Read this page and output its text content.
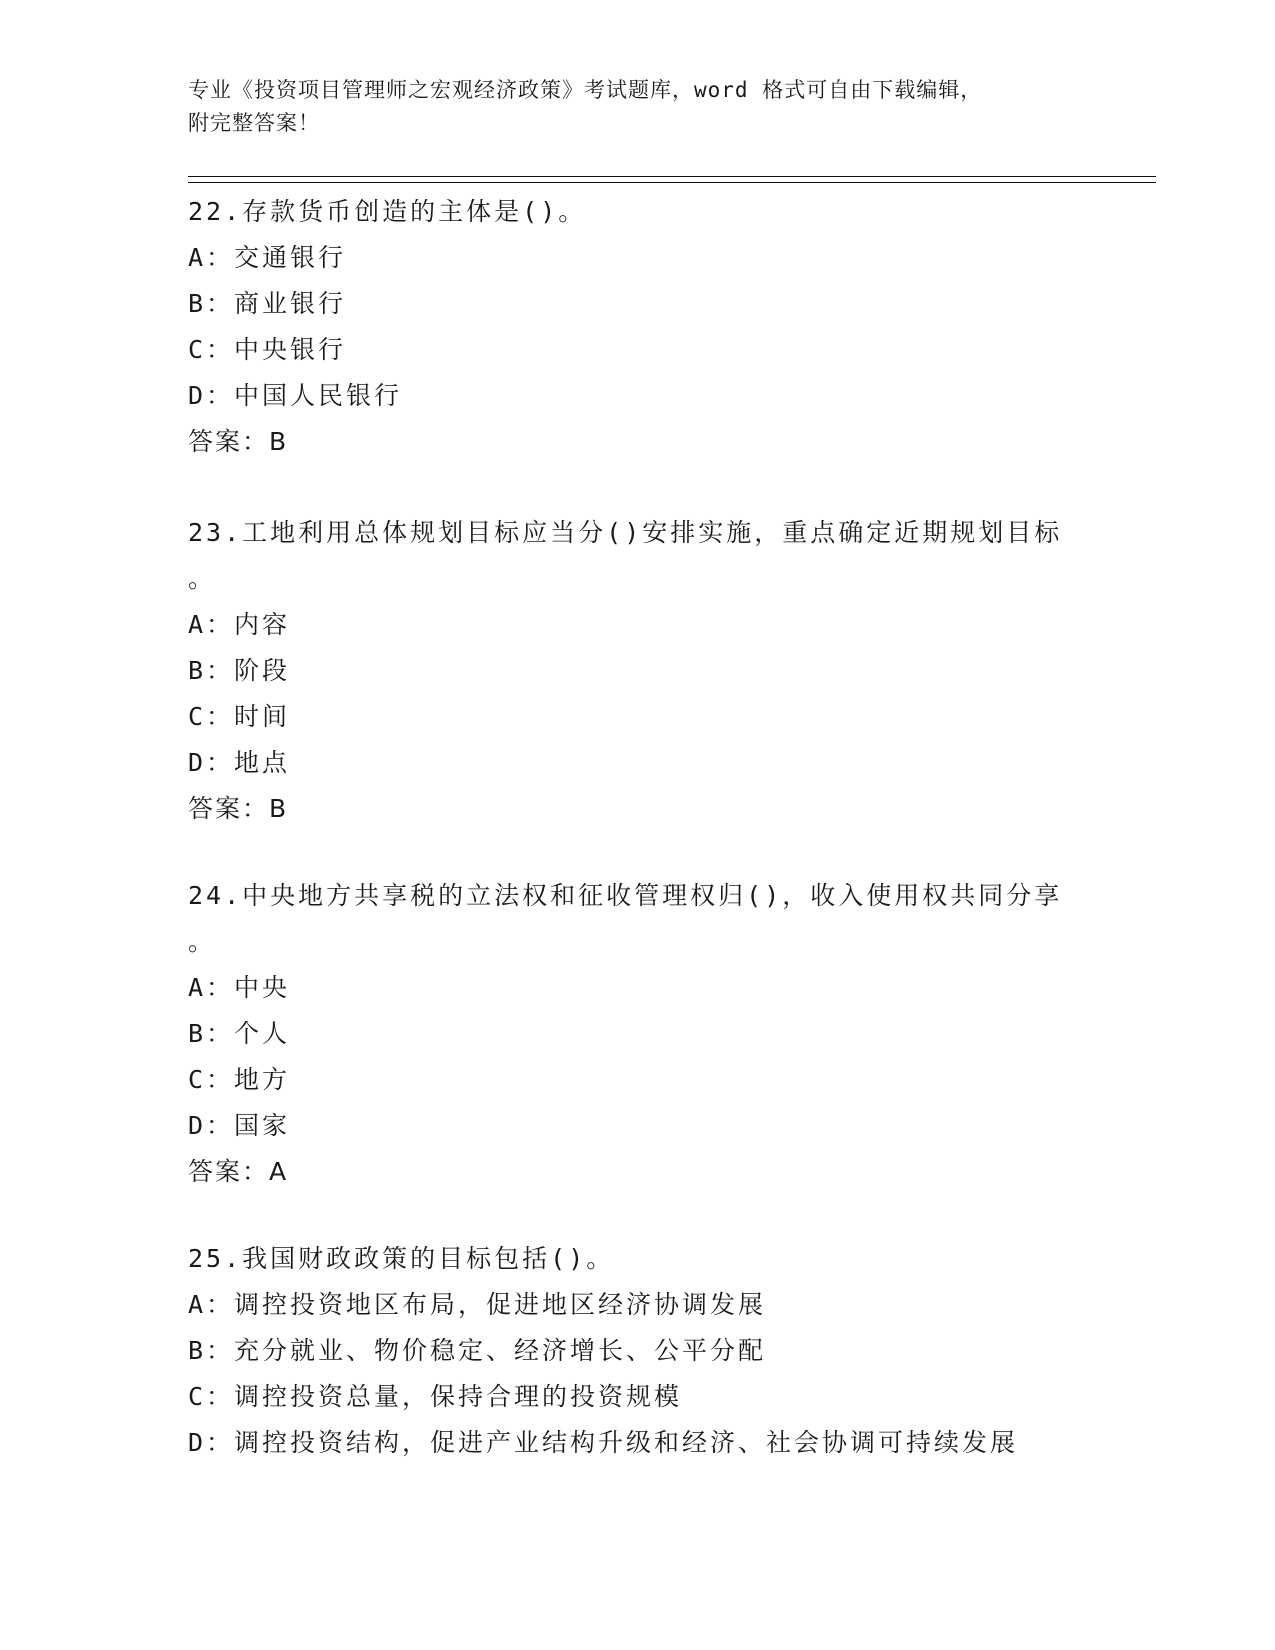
专业《投资项目管理师之宏观经济政策》考试题库，word 格式可自由下载编辑，
附完整答案！
22.存款货币创造的主体是()。
A：交通银行
B：商业银行
C：中央银行
D：中国人民银行
答案：B
23.工地利用总体规划目标应当分()安排实施，重点确定近期规划目标
。
A：内容
B：阶段
C：时间
D：地点
答案：B
24.中央地方共享税的立法权和征收管理权归()，收入使用权共同分享
。
A：中央
B：个人
C：地方
D：国家
答案：A
25.我国财政政策的目标包括()。
A：调控投资地区布局，促进地区经济协调发展
B：充分就业、物价稳定、经济增长、公平分配
C：调控投资总量，保持合理的投资规模
D：调控投资结构，促进产业结构升级和经济、社会协调可持续发展
